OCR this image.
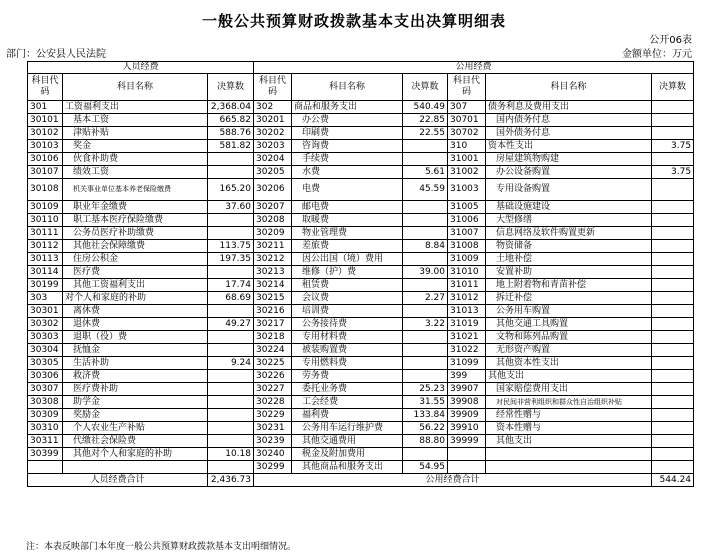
一般公共预算财政拨款基本支出决算明细表
公开06表
部门：公安县人民法院	金额单位：万元
人员经费			公用经费					
科目代码	科目名称	决算数	科目代码	科目名称	决算数	科目代码	科目名称	决算数
301	工资福利支出	2,368.04	302	商品和服务支出	540.49	307	债务利息及费用支出	
30101	基本工资	665.82	30201	办公费	22.85	30701	国内债务付息	
30102	津贴补贴	588.76	30202	印刷费	22.55	30702	国外债务付息	
30103	奖金	581.82	30203	咨询费		310	资本性支出	3.75
30106	伙食补助费		30204	手续费		31001	房屋建筑物购建	
30107	绩效工资		30205	水费	5.61	31002	办公设备购置	3.75
30108	机关事业单位基本养老保险缴费	165.20	30206	电费	45.59	31003	专用设备购置	
30109	职业年金缴费	37.60	30207	邮电费		31005	基础设施建设	
30110	职工基本医疗保险缴费		30208	取暖费		31006	大型修缮	
30111	公务员医疗补助缴费		30209	物业管理费		31007	信息网络及软件购置更新	
30112	其他社会保障缴费	113.75	30211	差旅费	8.84	31008	物资储备	
30113	住房公积金	197.35	30212	因公出国（境）费用		31009	土地补偿	
30114	医疗费		30213	维修（护）费	39.00	31010	安置补助	
30199	其他工资福利支出	17.74	30214	租赁费		31011	地上附着物和青苗补偿	
303	对个人和家庭的补助	68.69	30215	会议费	2.27	31012	拆迁补偿	
30301	离休费		30216	培训费		31013	公务用车购置	
30302	退休费	49.27	30217	公务接待费	3.22	31019	其他交通工具购置	
30303	退职（役）费		30218	专用材料费		31021	文物和陈列品购置	
30304	抚恤金		30224	被装购置费		31022	无形资产购置	
30305	生活补助	9.24	30225	专用燃料费		31099	其他资本性支出	
30306	救济费		30226	劳务费		399	其他支出	
30307	医疗费补助		30227	委托业务费	25.23	39907	国家赔偿费用支出	
30308	助学金		30228	工会经费	31.55	39908	对民间非营利组织和群众性自治组织补贴	
30309	奖励金		30229	福利费	133.84	39909	经常性赠与	
30310	个人农业生产补贴		30231	公务用车运行维护费	56.22	39910	资本性赠与	
30311	代缴社会保险费		30239	其他交通费用	88.80	39999	其他支出	
30399	其他对个人和家庭的补助	10.18	30240	税金及附加费用				
			30299	其他商品和服务支出	54.95			
人员经费合计		2,436.73	公用经费合计					544.24
注：本表反映部门本年度一般公共预算财政拨款基本支出明细情况。
